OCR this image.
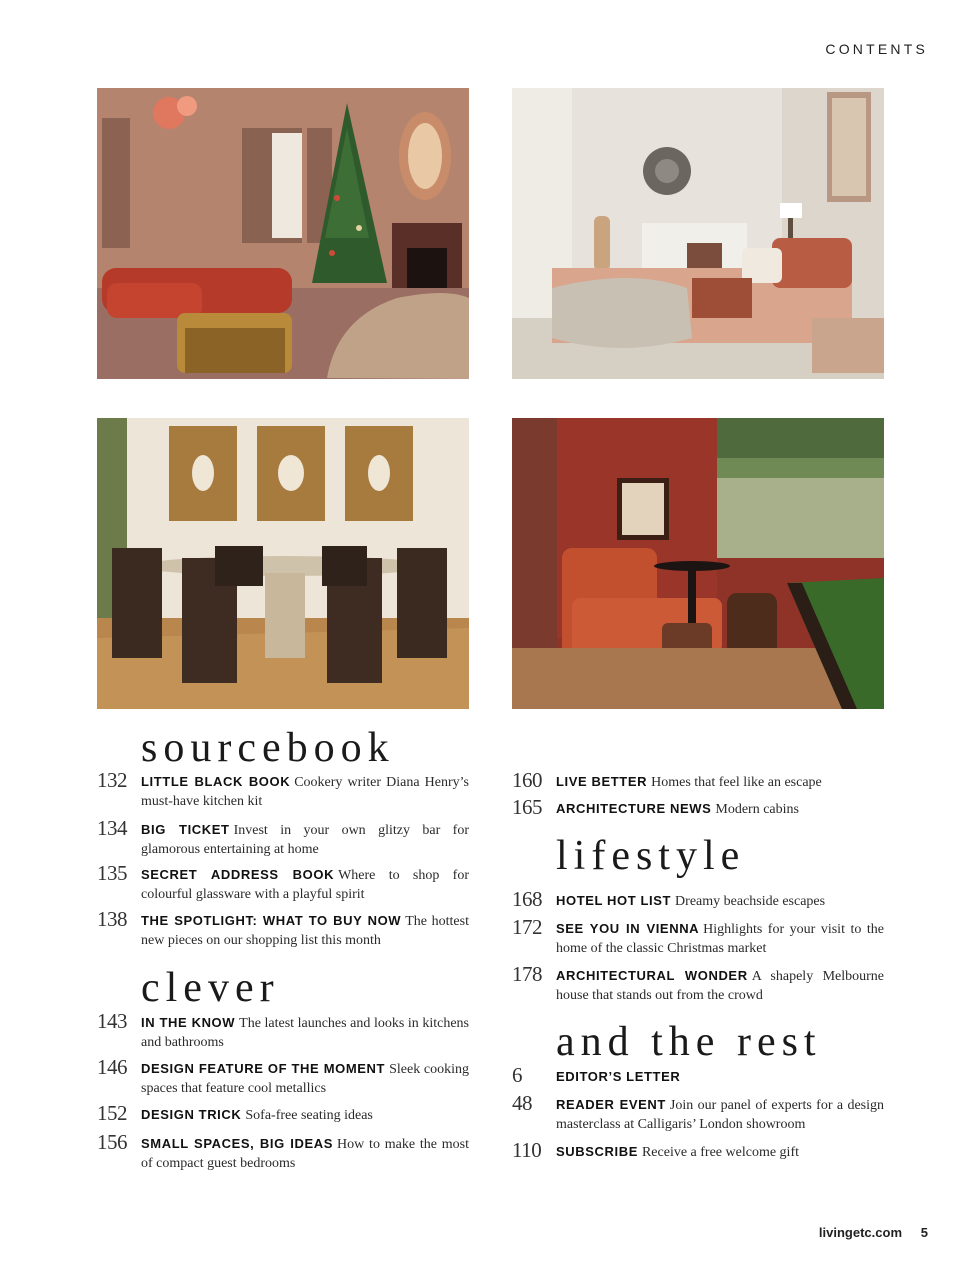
CONTENTS
sourcebook
clever
lifestyle
and the rest
132 LITTLE BLACK BOOK Cookery writer Diana Henry’s must-have kitchen kit
134 BIG TICKET Invest in your own glitzy bar for glamorous entertaining at home
135 SECRET ADDRESS BOOK Where to shop for colourful glassware with a playful spirit
138 THE SPOTLIGHT: WHAT TO BUY NOW The hottest new pieces on our shopping list this month
143 IN THE KNOW The latest launches and looks in kitchens and bathrooms
146 DESIGN FEATURE OF THE MOMENT Sleek cooking spaces that feature cool metallics
152 DESIGN TRICK Sofa-free seating ideas
156 SMALL SPACES, BIG IDEAS How to make the most of compact guest bedrooms
160 LIVE BETTER Homes that feel like an escape
165 ARCHITECTURE NEWS Modern cabins
168 HOTEL HOT LIST Dreamy beachside escapes
172 SEE YOU IN VIENNA Highlights for your visit to the home of the classic Christmas market
178 ARCHITECTURAL WONDER A shapely Melbourne house that stands out from the crowd
6	EDITOR’S LETTER
48 READER EVENT Join our panel of experts for a design masterclass at Calligaris’ London showroom
110 SUBSCRIBE Receive a free welcome gift
livingetc.com 5
